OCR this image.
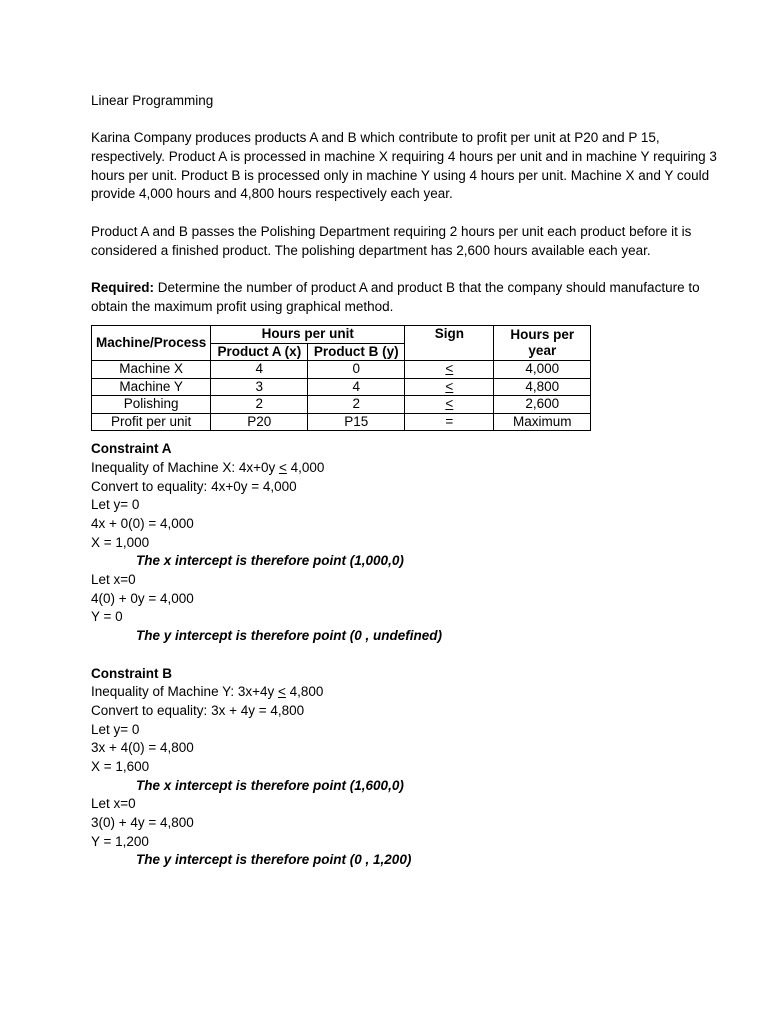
Linear Programming
Karina Company produces products A and B which contribute to profit per unit at P20 and P 15,
respectively. Product A is processed in machine X requiring 4 hours per unit and in machine Y requiring 3
hours per unit. Product B is processed only in machine Y using 4 hours per unit. Machine X and Y could
provide 4,000 hours and 4,800 hours respectively each year.
Product A and B passes the Polishing Department requiring 2 hours per unit each product before it is
considered a finished product. The polishing department has 2,600 hours available each year.
Required: Determine the number of product A and product B that the company should manufacture to
obtain the maximum profit using graphical method.
Machine/Process	Hours per unit		Sign	Hours per year
	Product A (x)	Product B (y)		
Machine X	4	0	<	4,000
Machine Y	3	4	<	4,800
Polishing	2	2	<	2,600
Profit per unit	P20	P15	=	Maximum
Constraint A
Inequality of Machine X: 4x+0y < 4,000
Convert to equality: 4x+0y = 4,000
Let y= 0
4x + 0(0) = 4,000
X = 1,000
The x intercept is therefore point (1,000,0)
Let x=0
4(0) + 0y = 4,000
Y = 0
The y intercept is therefore point (0 , undefined)
Constraint B
Inequality of Machine Y: 3x+4y < 4,800
Convert to equality: 3x + 4y = 4,800
Let y= 0
3x + 4(0) = 4,800
X = 1,600
The x intercept is therefore point (1,600,0)
Let x=0
3(0) + 4y = 4,800
Y = 1,200
The y intercept is therefore point (0 , 1,200)
